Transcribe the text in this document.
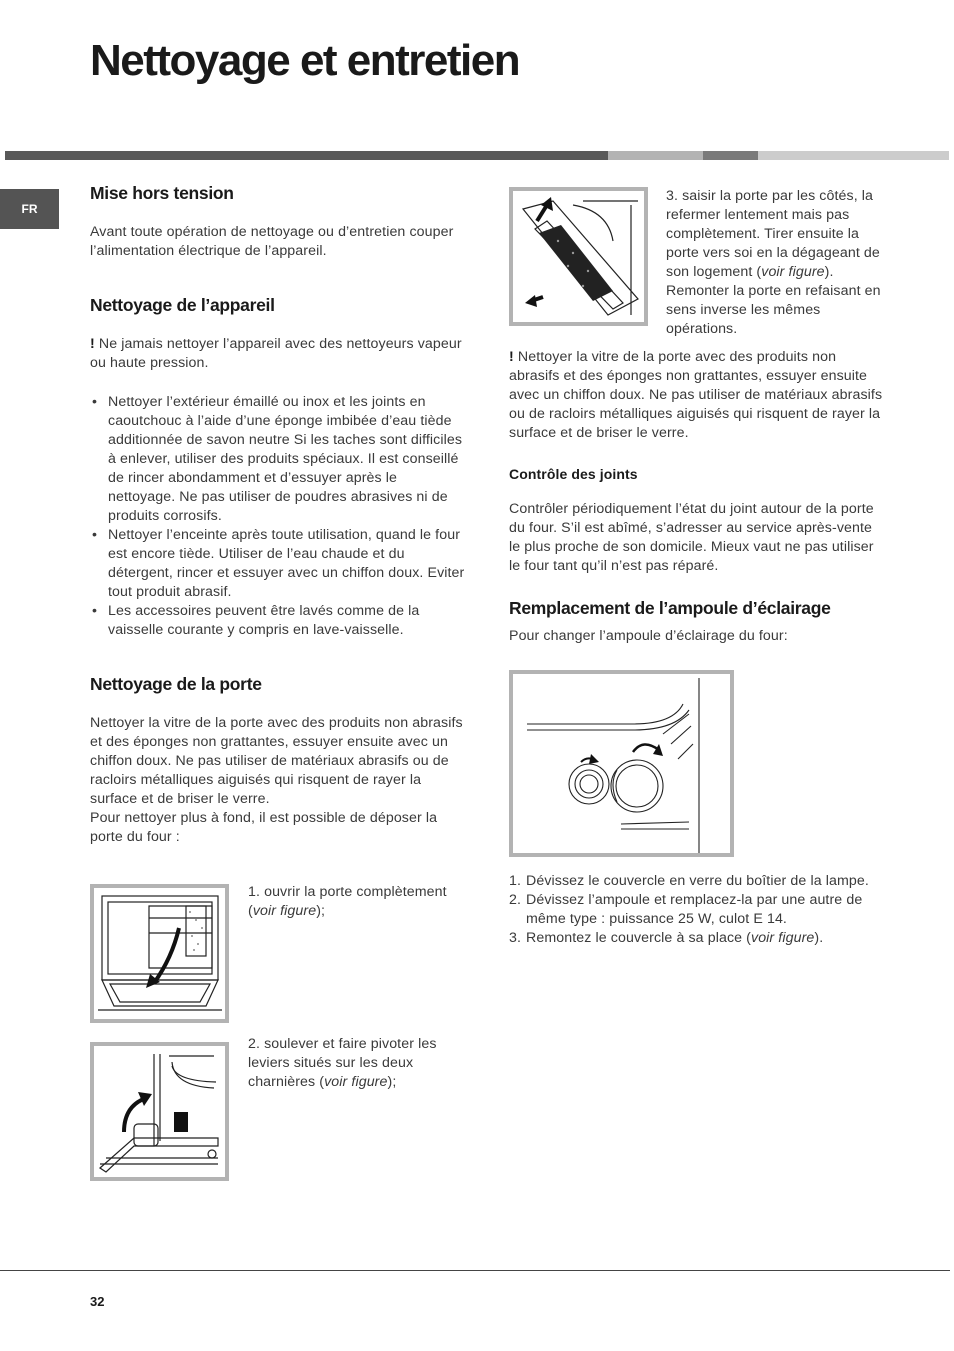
Nettoyage et entretien
FR
Mise hors tension

Avant toute opération de nettoyage ou d’entretien couper l’alimentation électrique de l’appareil.

Nettoyage de l’appareil

! Ne jamais nettoyer l’appareil avec des nettoyeurs vapeur ou haute pression.

• Nettoyer l’extérieur émaillé ou inox et les joints en caoutchouc à l’aide d’une éponge imbibée d’eau tiède additionnée de savon neutre Si les taches sont difficiles à enlever, utiliser des produits spéciaux. Il est conseillé de rincer abondamment et d’essuyer après le nettoyage. Ne pas utiliser de poudres abrasives ni de produits corrosifs.
• Nettoyer l’enceinte après toute utilisation, quand le four est encore tiède. Utiliser de l’eau chaude et du détergent, rincer et essuyer avec un chiffon doux. Eviter tout produit abrasif.
• Les accessoires peuvent être lavés comme de la vaisselle courante y compris en lave-vaisselle.
Nettoyage de la porte

Nettoyer la vitre de la porte avec des produits non abrasifs et des éponges non grattantes, essuyer ensuite avec un chiffon doux. Ne pas utiliser de matériaux abrasifs ou de racloirs métalliques aiguisés qui risquent de rayer la surface et de briser le verre.

Pour nettoyer plus à fond, il est possible de déposer la porte du four :

1. ouvrir la porte complètement (voir figure);
2. soulever et faire pivoter les leviers situés sur les deux charnières (voir figure);
3. saisir la porte par les côtés, la refermer lentement mais pas complètement. Tirer ensuite la porte vers soi en la dégageant de son logement (voir figure). Remonter la porte en refaisant en sens inverse les mêmes opérations.

! Nettoyer la vitre de la porte avec des produits non abrasifs et des éponges non grattantes, essuyer ensuite avec un chiffon doux. Ne pas utiliser de matériaux abrasifs ou de racloirs métalliques aiguisés qui risquent de rayer la surface et de briser le verre.

Contrôle des joints

Contrôler périodiquement l’état du joint autour de la porte du four. S’il est abîmé, s’adresser au service après-vente le plus proche de son domicile. Mieux vaut ne pas utiliser le four tant qu’il n’est pas réparé.

Remplacement de l’ampoule d’éclairage

Pour changer l’ampoule d’éclairage du four:

1. Dévissez le couvercle en verre du boîtier de la lampe.
2. Dévissez l’ampoule et remplacez-la par une autre de même type : puissance 25 W, culot E 14.
3. Remontez le couvercle à sa place (voir figure).
32
